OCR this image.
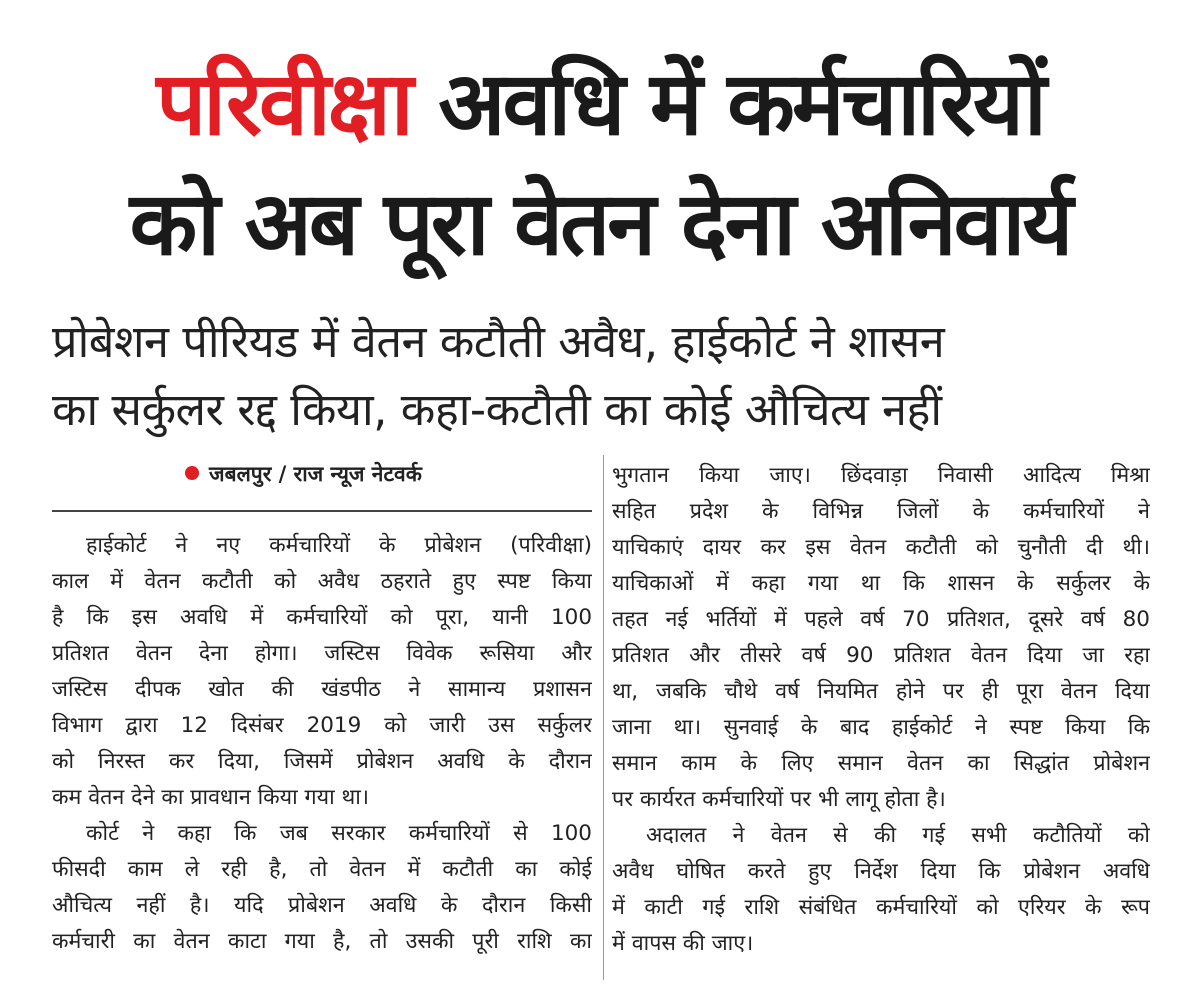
परिवीक्षा अवधि में कर्मचारियों
को अब पूरा वेतन देना अनिवार्य
प्रोबेशन पीरियड में वेतन कटौती अवैध, हाईकोर्ट ने शासन
का सर्कुलर रद्द किया, कहा-कटौती का कोई औचित्य नहीं
जबलपुर / राज न्यूज नेटवर्क

हाईकोर्ट ने नए कर्मचारियों के प्रोबेशन (परिवीक्षा)
काल में वेतन कटौती को अवैध ठहराते हुए स्पष्ट किया
है कि इस अवधि में कर्मचारियों को पूरा, यानी 100
प्रतिशत वेतन देना होगा। जस्टिस विवेक रूसिया और
जस्टिस दीपक खोत की खंडपीठ ने सामान्य प्रशासन
विभाग द्वारा 12 दिसंबर 2019 को जारी उस सर्कुलर
को निरस्त कर दिया, जिसमें प्रोबेशन अवधि के दौरान
कम वेतन देने का प्रावधान किया गया था।

कोर्ट ने कहा कि जब सरकार कर्मचारियों से 100
फीसदी काम ले रही है, तो वेतन में कटौती का कोई
औचित्य नहीं है। यदि प्रोबेशन अवधि के दौरान किसी
कर्मचारी का वेतन काटा गया है, तो उसकी पूरी राशि का

भुगतान किया जाए। छिंदवाड़ा निवासी आदित्य मिश्रा
सहित प्रदेश के विभिन्न जिलों के कर्मचारियों ने
याचिकाएं दायर कर इस वेतन कटौती को चुनौती दी थी।
याचिकाओं में कहा गया था कि शासन के सर्कुलर के
तहत नई भर्तियों में पहले वर्ष 70 प्रतिशत, दूसरे वर्ष 80
प्रतिशत और तीसरे वर्ष 90 प्रतिशत वेतन दिया जा रहा
था, जबकि चौथे वर्ष नियमित होने पर ही पूरा वेतन दिया
जाना था। सुनवाई के बाद हाईकोर्ट ने स्पष्ट किया कि
समान काम के लिए समान वेतन का सिद्धांत प्रोबेशन
पर कार्यरत कर्मचारियों पर भी लागू होता है।

अदालत ने वेतन से की गई सभी कटौतियों को
अवैध घोषित करते हुए निर्देश दिया कि प्रोबेशन अवधि
में काटी गई राशि संबंधित कर्मचारियों को एरियर के रूप
में वापस की जाए।
